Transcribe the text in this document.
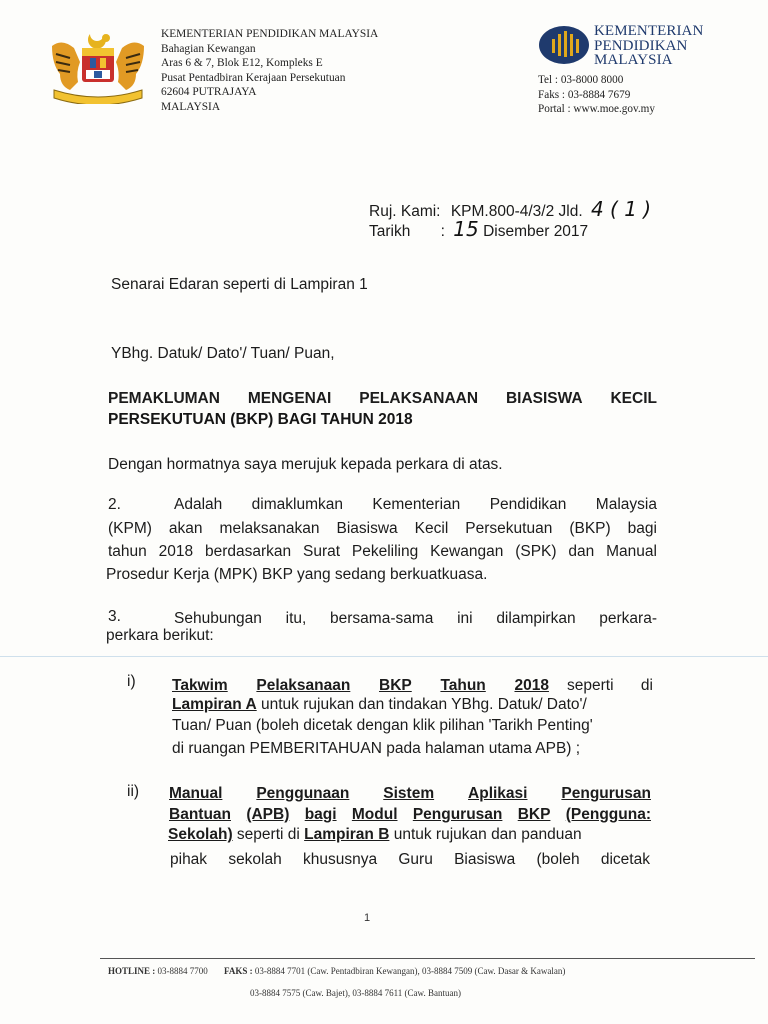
KEMENTERIAN PENDIDIKAN MALAYSIA
Bahagian Kewangan
Aras 6 & 7, Blok E12, Kompleks E
Pusat Pentadbiran Kerajaan Persekutuan
62604 PUTRAJAYA
MALAYSIA
KEMENTERIAN
PENDIDIKAN
MALAYSIA
Tel : 03-8000 8000
Faks : 03-8884 7679
Portal : www.moe.gov.my
Ruj. Kami: KPM.800-4/3/2 Jld. 4 ( 1 )
Tarikh : 15 Disember 2017
Senarai Edaran seperti di Lampiran 1
YBhg. Datuk/ Dato'/ Tuan/ Puan,
PEMAKLUMAN MENGENAI PELAKSANAAN BIASISWA KECIL
PERSEKUTUAN (BKP) BAGI TAHUN 2018
Dengan hormatnya saya merujuk kepada perkara di atas.
2.	Adalah dimaklumkan Kementerian Pendidikan Malaysia
(KPM) akan melaksanakan Biasiswa Kecil Persekutuan (BKP) bagi
tahun 2018 berdasarkan Surat Pekeliling Kewangan (SPK) dan Manual
Prosedur Kerja (MPK) BKP yang sedang berkuatkuasa.
3.	Sehubungan itu, bersama-sama ini dilampirkan perkara-
perkara berikut:
i) Takwim Pelaksanaan BKP Tahun 2018 seperti di
Lampiran A untuk rujukan dan tindakan YBhg. Datuk/ Dato'/
Tuan/ Puan (boleh dicetak dengan klik pilihan 'Tarikh Penting'
di ruangan PEMBERITAHUAN pada halaman utama APB) ;
ii) Manual Penggunaan Sistem Aplikasi Pengurusan
Bantuan (APB) bagi Modul Pengurusan BKP (Pengguna:
Sekolah) seperti di Lampiran B untuk rujukan dan panduan
pihak sekolah khususnya Guru Biasiswa (boleh dicetak
1
HOTLINE : 03-8884 7700 FAKS : 03-8884 7701 (Caw. Pentadbiran Kewangan), 03-8884 7509 (Caw. Dasar & Kawalan)
03-8884 7575 (Caw. Bajet), 03-8884 7611 (Caw. Bantuan)
